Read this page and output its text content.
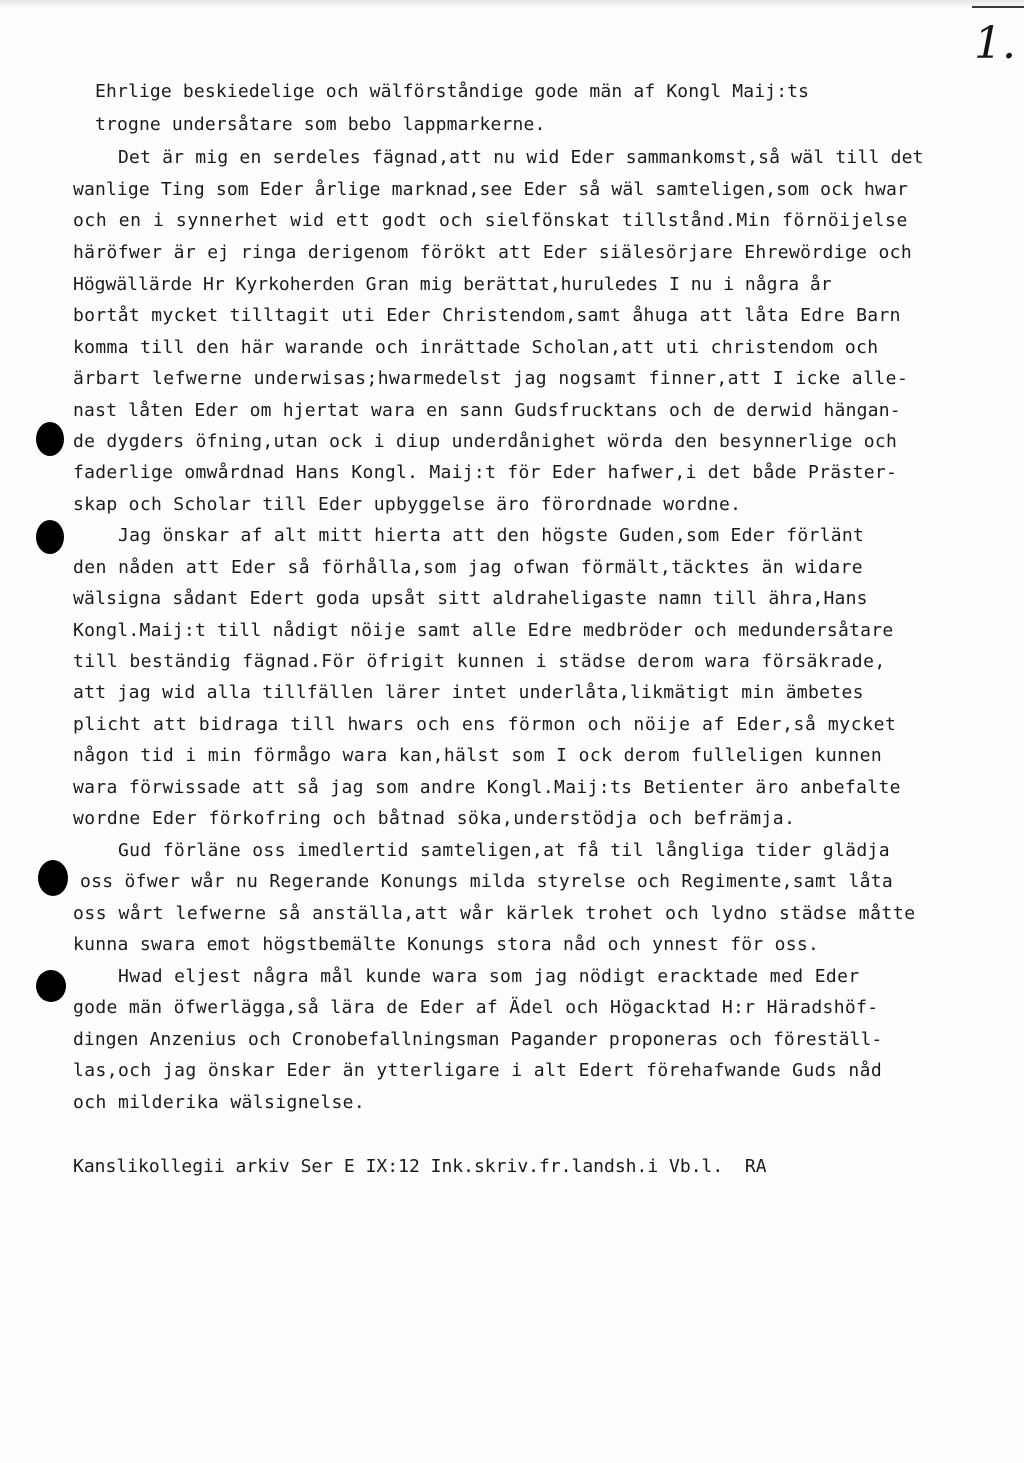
1.

Ehrlige beskiedelige och wälförståndige gode män af Kongl Maij:ts

trogne undersåtare som bebo lappmarkerne.

Det är mig en serdeles fägnad,att nu wid Eder sammankomst,så wäl till det

wanlige Ting som Eder årlige marknad,see Eder så wäl samteligen,som ock hwar

och en i synnerhet wid ett godt och sielfönskat tillstånd.Min förnöijelse

häröfwer är ej ringa derigenom förökt att Eder siälesörjare Ehrewördige och

Högwällärde Hr Kyrkoherden Gran mig berättat,huruledes I nu i några år

bortåt mycket tilltagit uti Eder Christendom,samt åhuga att låta Edre Barn

komma till den här warande och inrättade Scholan,att uti christendom och

ärbart lefwerne underwisas;hwarmedelst jag nogsamt finner,att I icke alle-

nast låten Eder om hjertat wara en sann Gudsfrucktans och de derwid hängan-

de dygders öfning,utan ock i diup underdånighet wörda den besynnerlige och

faderlige omwårdnad Hans Kongl. Maij:t för Eder hafwer,i det både Präster-

skap och Scholar till Eder upbyggelse äro förordnade wordne.

Jag önskar af alt mitt hierta att den högste Guden,som Eder förlänt

den nåden att Eder så förhålla,som jag ofwan förmält,täcktes än widare

wälsigna sådant Edert goda upsåt sitt aldraheligaste namn till ähra,Hans

Kongl.Maij:t till nådigt nöije samt alle Edre medbröder och medundersåtare

till beständig fägnad.För öfrigit kunnen i städse derom wara försäkrade,

att jag wid alla tillfällen lärer intet underlåta,likmätigt min ämbetes

plicht att bidraga till hwars och ens förmon och nöije af Eder,så mycket

någon tid i min förmågo wara kan,hälst som I ock derom fulleligen kunnen

wara förwissade att så jag som andre Kongl.Maij:ts Betienter äro anbefalte

wordne Eder förkofring och båtnad söka,understödja och befrämja.

Gud förläne oss imedlertid samteligen,at få til långliga tider glädja

oss öfwer wår nu Regerande Konungs milda styrelse och Regimente,samt låta

oss wårt lefwerne så anställa,att wår kärlek trohet och lydno städse måtte

kunna swara emot högstbemälte Konungs stora nåd och ynnest för oss.

Hwad eljest några mål kunde wara som jag nödigt eracktade med Eder

gode män öfwerlägga,så lära de Eder af Ädel och Högacktad H:r Häradshöf-

dingen Anzenius och Cronobefallningsman Pagander proponeras och föreställ-

las,och jag önskar Eder än ytterligare i alt Edert förehafwande Guds nåd

och milderika wälsignelse.

Kanslikollegii arkiv Ser E IX:12 Ink.skriv.fr.landsh.i Vb.l.  RA
